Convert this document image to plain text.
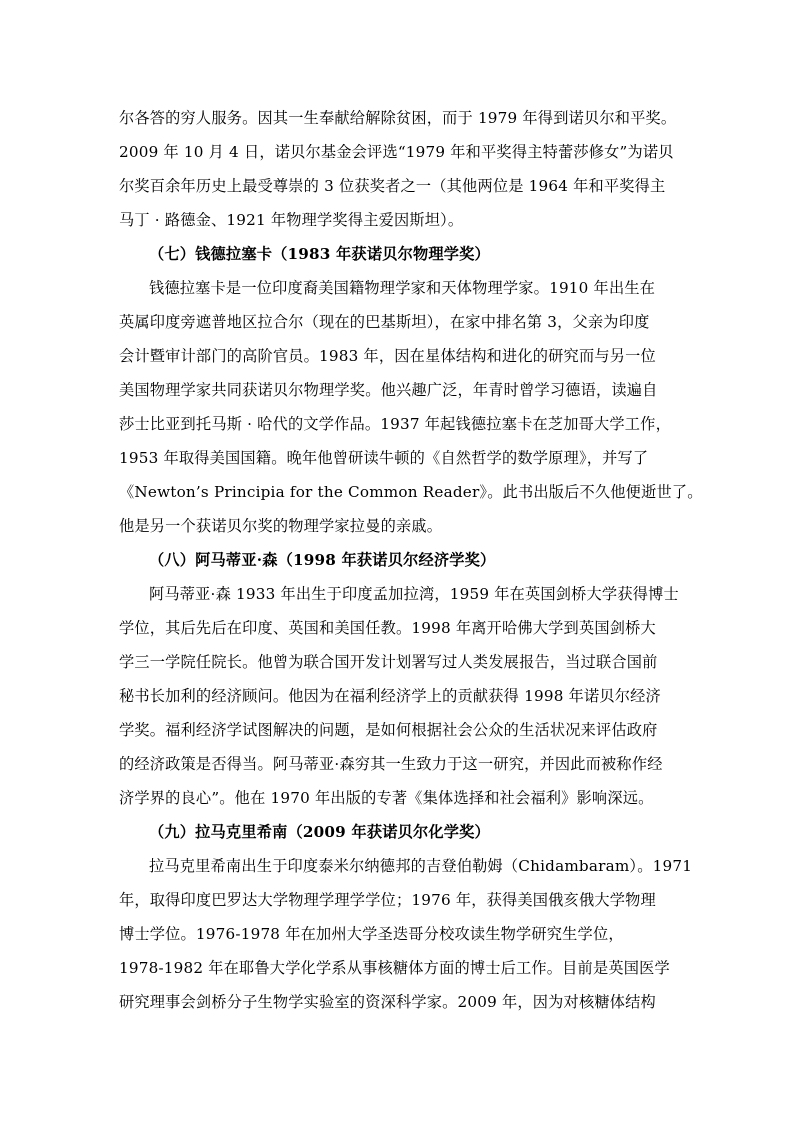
尔各答的穷人服务。因其一生奉献给解除贫困，而于 1979 年得到诺贝尔和平奖。
2009 年 10 月 4 日，诺贝尔基金会评选“1979 年和平奖得主特蕾莎修女”为诺贝
尔奖百余年历史上最受尊崇的 3 位获奖者之一（其他两位是 1964 年和平奖得主
马丁 · 路德金、1921 年物理学奖得主爱因斯坦）。
（七）钱德拉塞卡（1983 年获诺贝尔物理学奖）
钱德拉塞卡是一位印度裔美国籍物理学家和天体物理学家。1910 年出生在
英属印度旁遮普地区拉合尔（现在的巴基斯坦），在家中排名第 3，父亲为印度
会计暨审计部门的高阶官员。1983 年，因在星体结构和进化的研究而与另一位
美国物理学家共同获诺贝尔物理学奖。他兴趣广泛，年青时曾学习德语，读遍自
莎士比亚到托马斯 · 哈代的文学作品。1937 年起钱德拉塞卡在芝加哥大学工作，
1953 年取得美国国籍。晚年他曾研读牛顿的《自然哲学的数学原理》，并写了
《Newton’s Principia for the Common Reader》。此书出版后不久他便逝世了。
他是另一个获诺贝尔奖的物理学家拉曼的亲戚。
（八）阿马蒂亚·森（1998 年获诺贝尔经济学奖）
阿马蒂亚·森 1933 年出生于印度孟加拉湾，1959 年在英国剑桥大学获得博士
学位，其后先后在印度、英国和美国任教。1998 年离开哈佛大学到英国剑桥大
学三一学院任院长。他曾为联合国开发计划署写过人类发展报告，当过联合国前
秘书长加利的经济顾问。他因为在福利经济学上的贡献获得 1998 年诺贝尔经济
学奖。福利经济学试图解决的问题，是如何根据社会公众的生活状况来评估政府
的经济政策是否得当。阿马蒂亚·森穷其一生致力于这一研究，并因此而被称作经
济学界的良心”。他在 1970 年出版的专著《集体选择和社会福利》影响深远。
（九）拉马克里希南（2009 年获诺贝尔化学奖）
拉马克里希南出生于印度泰米尔纳德邦的吉登伯勒姆（Chidambaram）。1971
年，取得印度巴罗达大学物理学理学学位；1976 年，获得美国俄亥俄大学物理
博士学位。1976-1978 年在加州大学圣迭哥分校攻读生物学研究生学位，
1978-1982 年在耶鲁大学化学系从事核糖体方面的博士后工作。目前是英国医学
研究理事会剑桥分子生物学实验室的资深科学家。2009 年，因为对核糖体结构
